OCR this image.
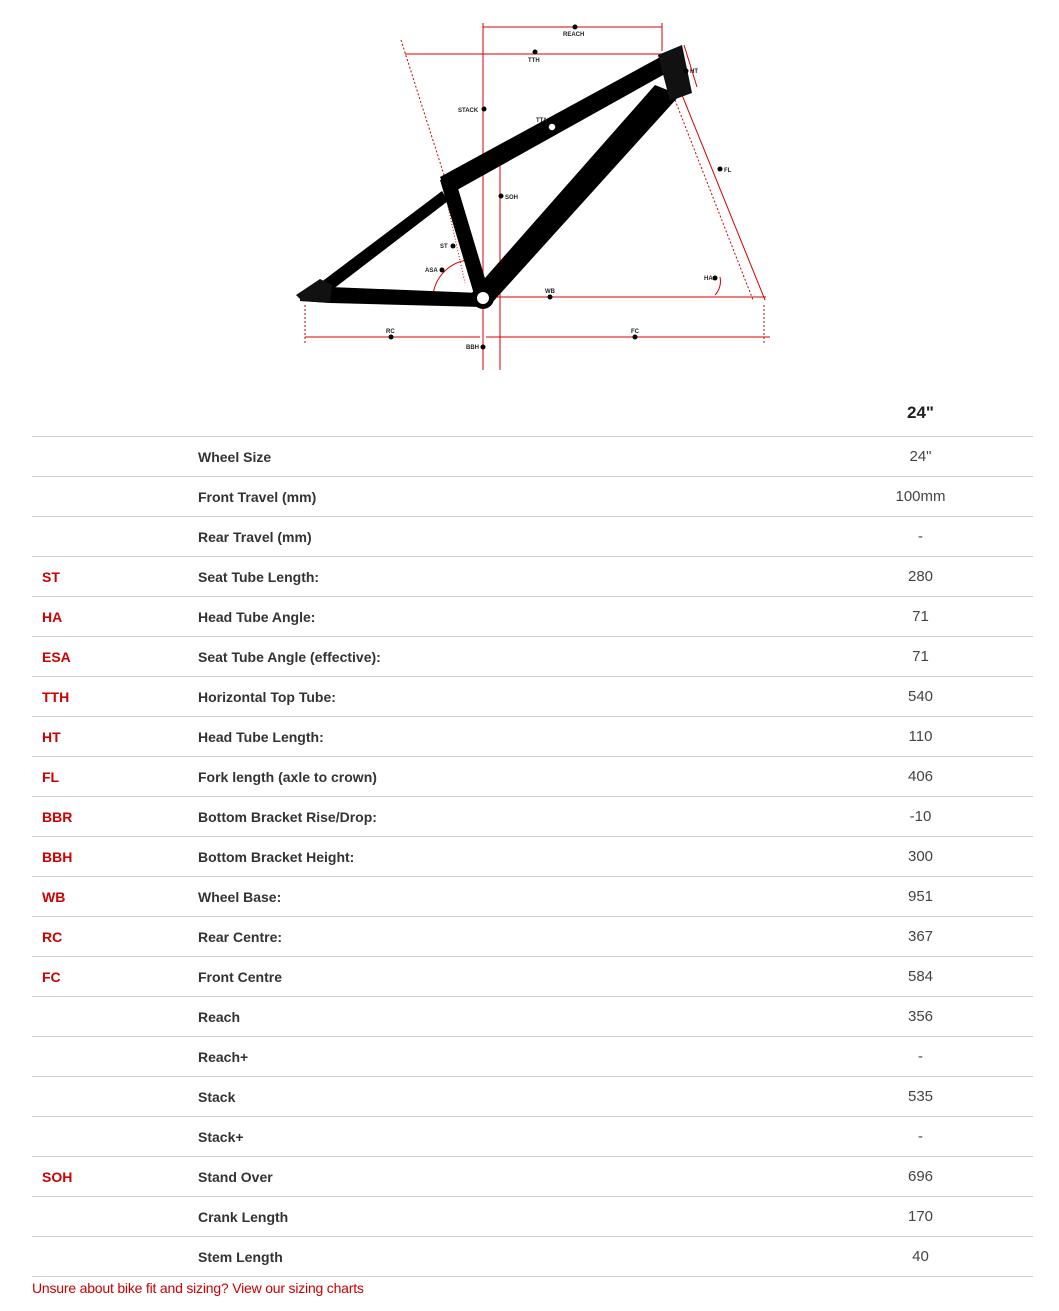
REACH
TTH
HT
STACK
TTA
SOH
FL
ST
ASA
HA
WB
RC	FC
BBH
		24"
	Wheel Size	24"
	Front Travel (mm)	100mm
	Rear Travel (mm)	-
ST	Seat Tube Length:	280
HA	Head Tube Angle:	71
ESA	Seat Tube Angle (effective):	71
TTH	Horizontal Top Tube:	540
HT	Head Tube Length:	110
FL	Fork length (axle to crown)	406
BBR	Bottom Bracket Rise/Drop:	-10
BBH	Bottom Bracket Height:	300
WB	Wheel Base:	951
RC	Rear Centre:	367
FC	Front Centre	584
	Reach	356
	Reach+	-
	Stack	535
	Stack+	-
SOH	Stand Over	696
	Crank Length	170
	Stem Length	40
Unsure about bike fit and sizing? View our sizing charts
